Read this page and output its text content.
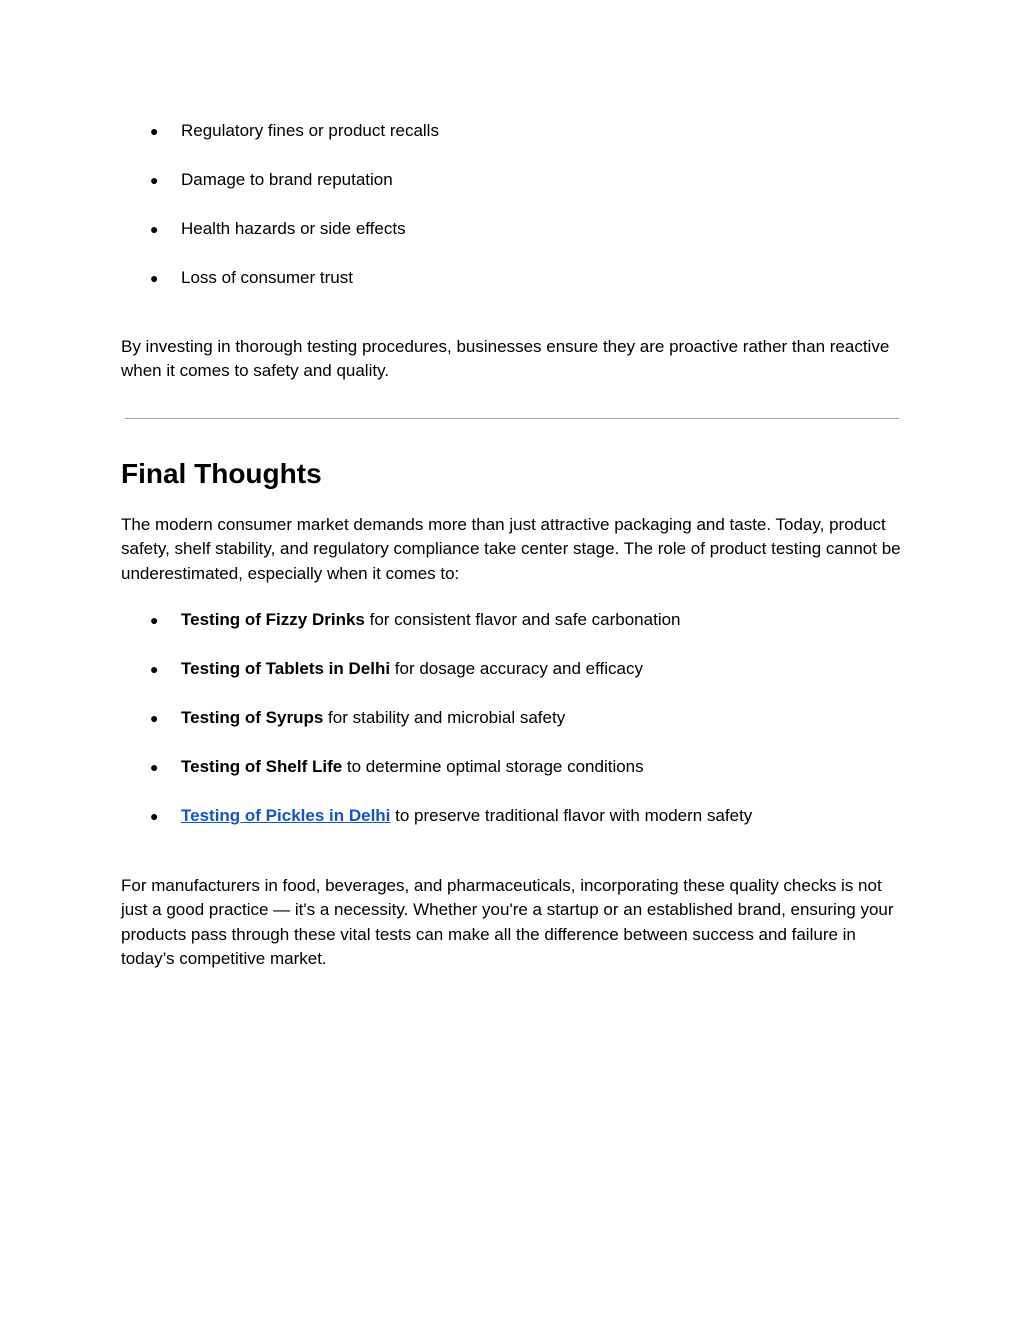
● Regulatory fines or product recalls
● Damage to brand reputation
● Health hazards or side effects
● Loss of consumer trust

By investing in thorough testing procedures, businesses ensure they are proactive rather than reactive when it comes to safety and quality.

Final Thoughts

The modern consumer market demands more than just attractive packaging and taste. Today, product safety, shelf stability, and regulatory compliance take center stage. The role of product testing cannot be underestimated, especially when it comes to:

● Testing of Fizzy Drinks for consistent flavor and safe carbonation
● Testing of Tablets in Delhi for dosage accuracy and efficacy
● Testing of Syrups for stability and microbial safety
● Testing of Shelf Life to determine optimal storage conditions
● Testing of Pickles in Delhi to preserve traditional flavor with modern safety

For manufacturers in food, beverages, and pharmaceuticals, incorporating these quality checks is not just a good practice — it's a necessity. Whether you're a startup or an established brand, ensuring your products pass through these vital tests can make all the difference between success and failure in today’s competitive market.
